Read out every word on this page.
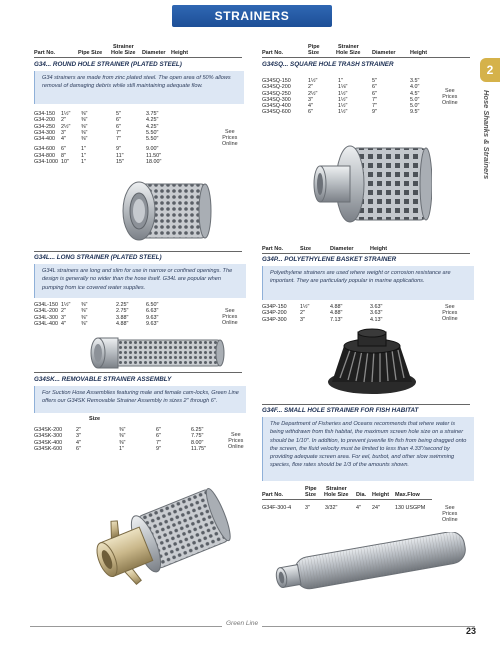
STRAINERS
2
Hose Shanks & Strainers
Part No.	Pipe Size
Strainer
Hole Size Diameter Height
G34... ROUND HOLE STRAINER (PLATED STEEL)
G34 strainers are made from zinc plated steel. The open area of 50% allows removal of damaging debris while still maintaining adequate flow.
G34-150 1½" ⅜"	5"	3.75"
G34-200 2"	⅜"	6"	4.25"
G34-250 2½" ⅜"	6"	4.25"
G34-300 3"	⅜"	7"	5.50"
G34-400 4"	⅜"	7"	5.50"
G34-600 6"	1"	9"	9.00"
G34-800 8"	1"	11"	11.50"
G34-1000 10" 1"	15"	18.00"
See
Prices
Online
G34L... LONG STRAINER (PLATED STEEL)
G34L strainers are long and slim for use in narrow or confined openings. The design is generally no wider than the hose itself. G34L are popular when pumping from ice covered water supplies.
G34L-150 1½" ⅜"	2.25"	6.50"
G34L-200 2"	⅜"	2.75"	6.63"
G34L-300 3"	⅜"	3.88"	9.63"
G34L-400 4"	⅜"	4.88"	9.63"
See
Prices
Online
G34SK... REMOVABLE STRAINER ASSEMBLY
For Suction Hose Assemblies featuring male and female cam-locks, Green Line offers our G34SK Removable Strainer Assembly in sizes 2" through 6".
Size
G34SK-200	2"	⅜"	6"	6.25"
G34SK-300	3"	⅜"	6"	7.75"
G34SK-400	4"	⅜"	7"	8.00"
G34SK-600	6"	1"	9"	11.75"
See
Prices
Online
Part No.
Pipe
Size
Strainer
Hole Size Diameter	Height
G34SQ... SQUARE HOLE TRASH STRAINER
G34SQ-150	1½"	1"	5"	3.5"
G34SQ-200	2"	1⅛"	6"	4.0"
G34SQ-250	2½"	1½"	6"	4.5"
G34SQ-300	3"	1½"	7"	5.0"
G34SQ-400	4"	1½"	7"	5.0"
G34SQ-600	6"	1½"	9"	9.5"
See
Prices
Online
Part No.	Size	Diameter	Height
G34P... POLYETHYLENE BASKET STRAINER
Polyethylene strainers are used where weight or corrosion resistance are important. They are particularly popular in marine applications.
G34P-150 1½"	4.88"	3.63"
G34P-200 2"	4.88"	3.63"
G34P-300 3"	7.13"	4.13"
See
Prices
Online
G34F... SMALL HOLE STRAINER FOR FISH HABITAT
The Department of Fisheries and Oceans recommends that where water is being withdrawn from fish habitat, the maximum screen hole size on a strainer should be 1/10". In addition, to prevent juvenile fin fish from being dragged onto the screen, the fluid velocity must be limited to less than 4.33"/second by providing adequate screen area. For eel, burbot, and other slow swimming species, flow rates should be 1/3 of the amounts shown.
Part No.
Pipe
Size
Strainer
Hole Size Dia. Height Max.Flow
G34F-300-4	3"	3/32"	4" 24"	130 USGPM	See
Prices
Online
Green Line
23
